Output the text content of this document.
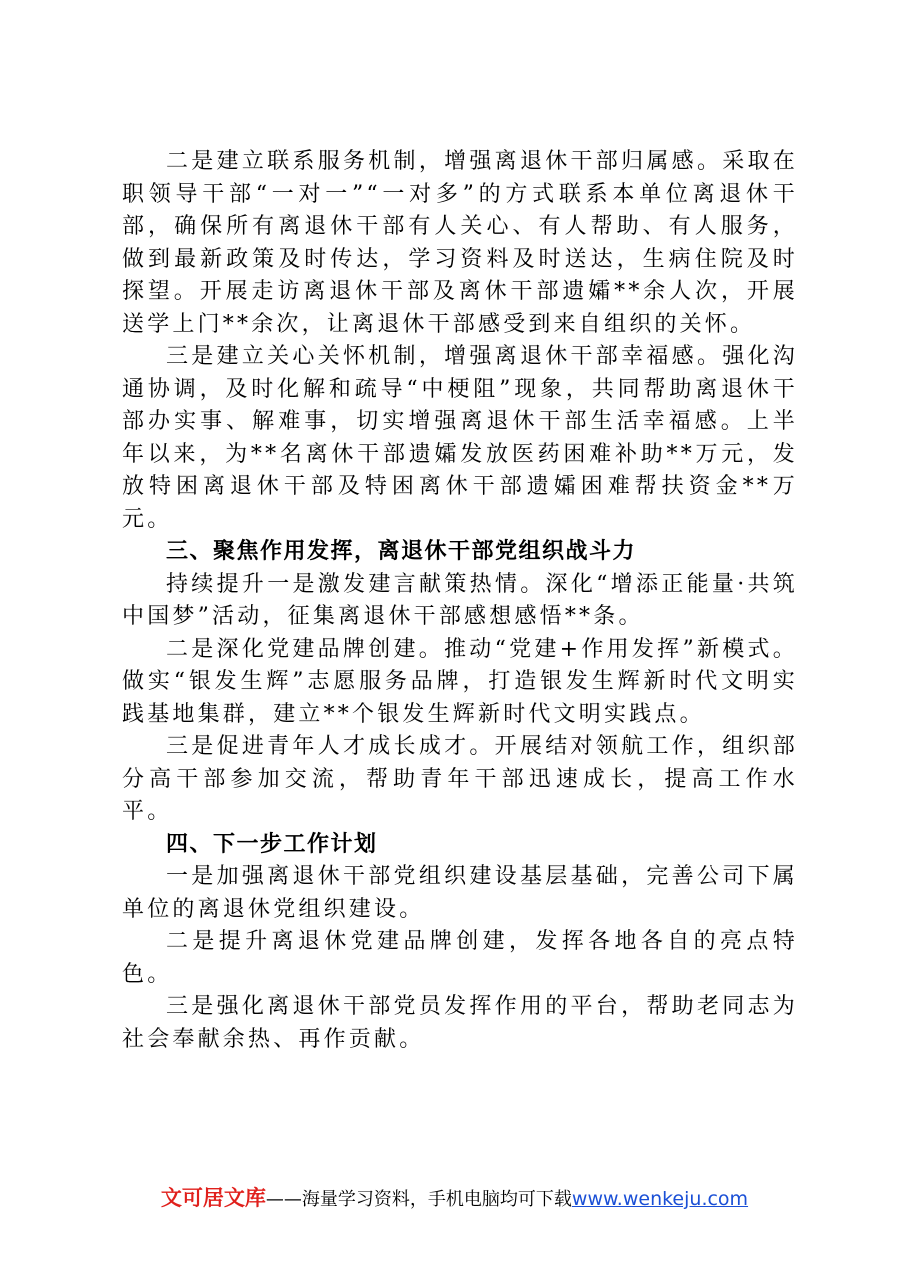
二是建立联系服务机制，增强离退休干部归属感。采取在职领导干部“一对一”“一对多”的方式联系本单位离退休干部，确保所有离退休干部有人关心、有人帮助、有人服务，做到最新政策及时传达，学习资料及时送达，生病住院及时探望。开展走访离退休干部及离休干部遗孀**余人次，开展送学上门**余次，让离退休干部感受到来自组织的关怀。

三是建立关心关怀机制，增强离退休干部幸福感。强化沟通协调，及时化解和疏导“中梗阻”现象，共同帮助离退休干部办实事、解难事，切实增强离退休干部生活幸福感。上半年以来，为**名离休干部遗孀发放医药困难补助**万元，发放特困离退休干部及特困离休干部遗孀困难帮扶资金**万元。

三、聚焦作用发挥，离退休干部党组织战斗力

持续提升一是激发建言献策热情。深化“增添正能量·共筑中国梦”活动，征集离退休干部感想感悟**条。

二是深化党建品牌创建。推动“党建+作用发挥”新模式。做实“银发生辉”志愿服务品牌，打造银发生辉新时代文明实践基地集群，建立**个银发生辉新时代文明实践点。

三是促进青年人才成长成才。开展结对领航工作，组织部分高干部参加交流，帮助青年干部迅速成长，提高工作水平。

四、下一步工作计划

一是加强离退休干部党组织建设基层基础，完善公司下属单位的离退休党组织建设。

二是提升离退休党建品牌创建，发挥各地各自的亮点特色。

三是强化离退休干部党员发挥作用的平台，帮助老同志为社会奉献余热、再作贡献。

文可居文库——海量学习资料，手机电脑均可下载www.wenkeju.com
